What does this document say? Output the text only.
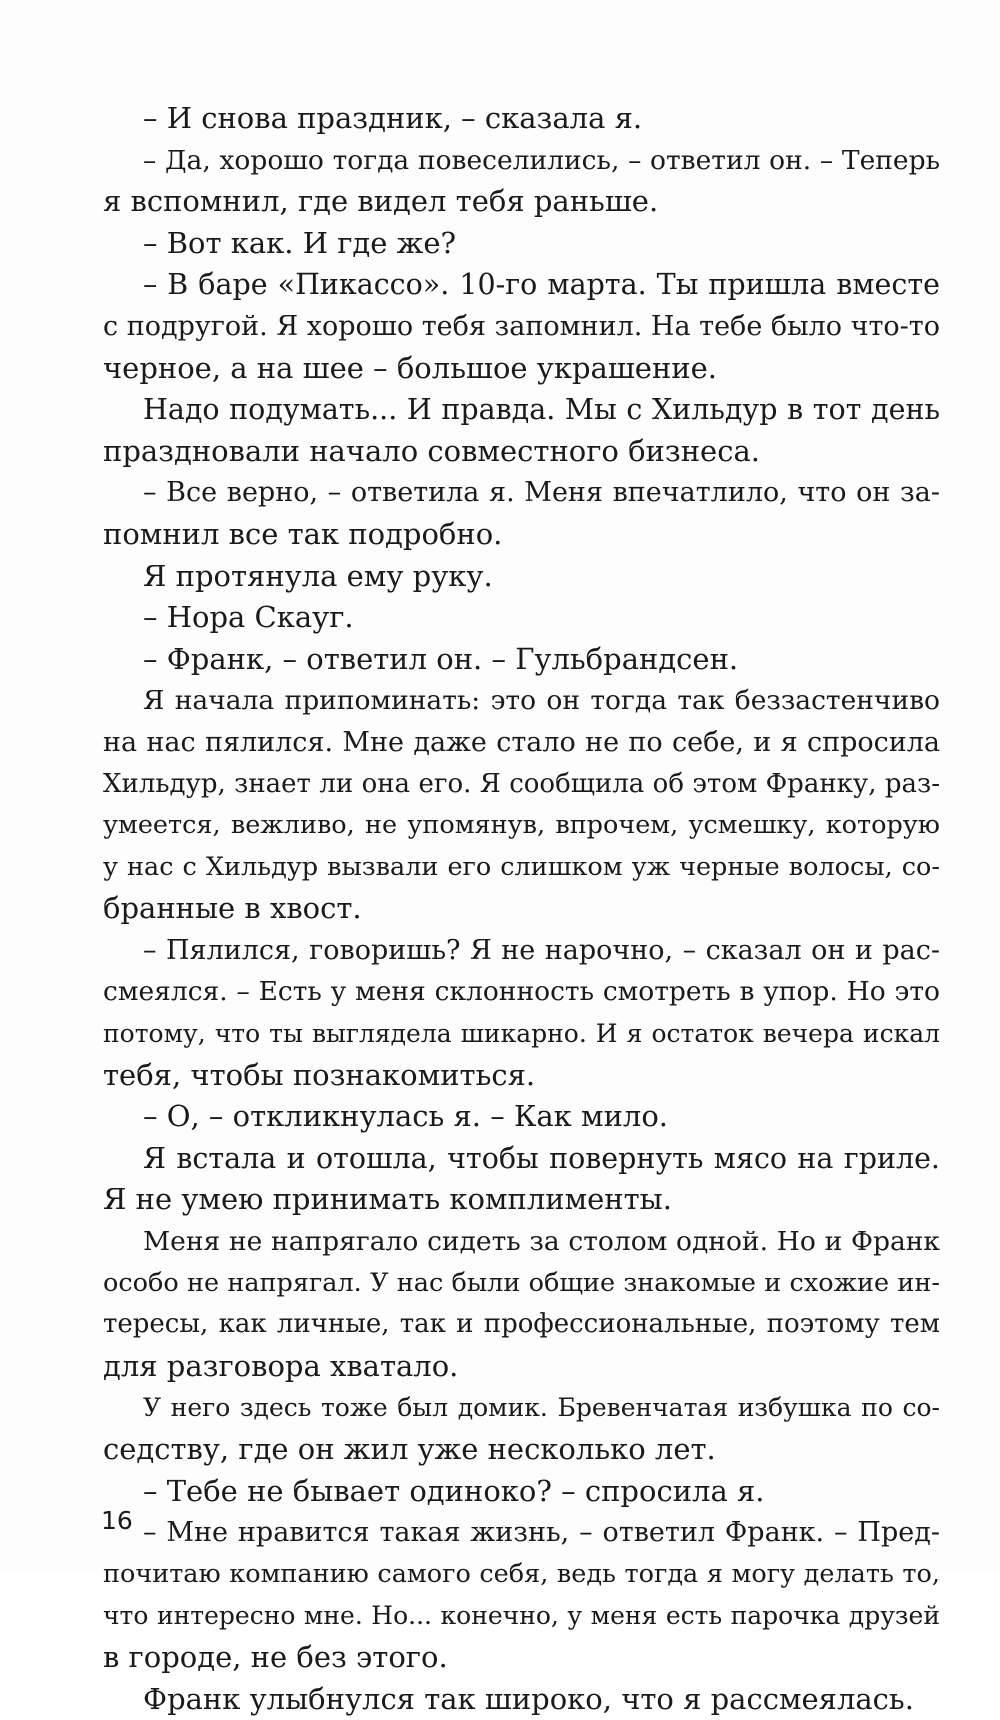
– И снова праздник, – сказала я.
– Да, хорошо тогда повеселились, – ответил он. – Теперь
я вспомнил, где видел тебя раньше.
– Вот как. И где же?
– В баре «Пикассо». 10-го марта. Ты пришла вместе
с подругой. Я хорошо тебя запомнил. На тебе было что-то
черное, а на шее – большое украшение.
Надо подумать... И правда. Мы с Хильдур в тот день
праздновали начало совместного бизнеса.
– Все верно, – ответила я. Меня впечатлило, что он за-
помнил все так подробно.
Я протянула ему руку.
– Нора Скауг.
– Франк, – ответил он. – Гульбрандсен.
Я начала припоминать: это он тогда так беззастенчиво
на нас пялился. Мне даже стало не по себе, и я спросила
Хильдур, знает ли она его. Я сообщила об этом Франку, раз-
умеется, вежливо, не упомянув, впрочем, усмешку, которую
у нас с Хильдур вызвали его слишком уж черные волосы, со-
бранные в хвост.
– Пялился, говоришь? Я не нарочно, – сказал он и рас-
смеялся. – Есть у меня склонность смотреть в упор. Но это
потому, что ты выглядела шикарно. И я остаток вечера искал
тебя, чтобы познакомиться.
– О, – откликнулась я. – Как мило.
Я встала и отошла, чтобы повернуть мясо на гриле.
Я не умею принимать комплименты.
Меня не напрягало сидеть за столом одной. Но и Франк
особо не напрягал. У нас были общие знакомые и схожие ин-
тересы, как личные, так и профессиональные, поэтому тем
для разговора хватало.
У него здесь тоже был домик. Бревенчатая избушка по со-
седству, где он жил уже несколько лет.
– Тебе не бывает одиноко? – спросила я.
– Мне нравится такая жизнь, – ответил Франк. – Пред-
почитаю компанию самого себя, ведь тогда я могу делать то,
что интересно мне. Но... конечно, у меня есть парочка друзей
в городе, не без этого.
Франк улыбнулся так широко, что я рассмеялась.
16
